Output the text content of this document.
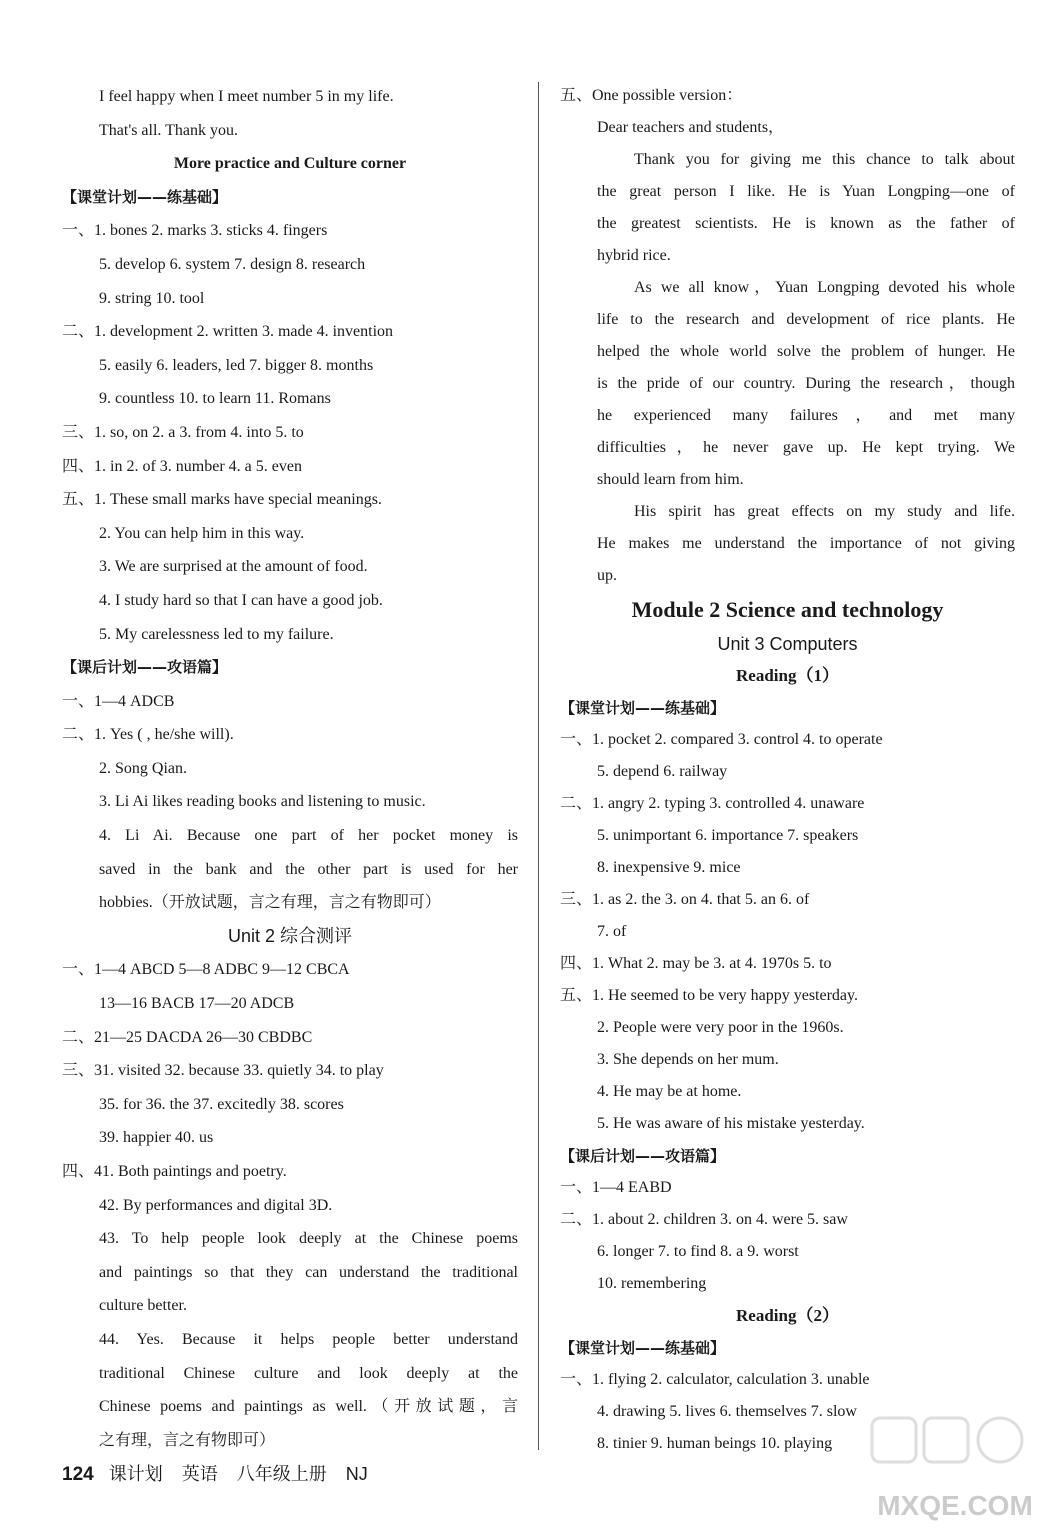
I feel happy when I meet number 5 in my life.
That's all. Thank you.
More practice and Culture corner
【课堂计划——练基础】
一、1. bones 2. marks 3. sticks 4. fingers
5. develop 6. system 7. design 8. research
9. string 10. tool
二、1. development 2. written 3. made 4. invention
5. easily 6. leaders, led 7. bigger 8. months
9. countless 10. to learn 11. Romans
三、1. so, on 2. a 3. from 4. into 5. to
四、1. in 2. of 3. number 4. a 5. even
五、1. These small marks have special meanings.
2. You can help him in this way.
3. We are surprised at the amount of food.
4. I study hard so that I can have a good job.
5. My carelessness led to my failure.
【课后计划——攻语篇】
一、1—4 ADCB
二、1. Yes ( , he/she will).
2. Song Qian.
3. Li Ai likes reading books and listening to music.
4. Li Ai. Because one part of her pocket money is
saved in the bank and the other part is used for her
hobbies.（开放试题，言之有理，言之有物即可）
Unit 2 综合测评
一、1—4 ABCD 5—8 ADBC 9—12 CBCA
13—16 BACB 17—20 ADCB
二、21—25 DACDA 26—30 CBDBC
三、31. visited 32. because 33. quietly 34. to play
35. for 36. the 37. excitedly 38. scores
39. happier 40. us
四、41. Both paintings and poetry.
42. By performances and digital 3D.
43. To help people look deeply at the Chinese poems
and paintings so that they can understand the traditional
culture better.
44. Yes. Because it helps people better understand
traditional Chinese culture and look deeply at the
Chinese poems and paintings as well.（开放试题，言
之有理，言之有物即可）
五、One possible version：
Dear teachers and students，
Thank you for giving me this chance to talk about
the great person I like. He is Yuan Longping—one of
the greatest scientists. He is known as the father of
hybrid rice.
As we all know，Yuan Longping devoted his whole
life to the research and development of rice plants. He
helped the whole world solve the problem of hunger. He
is the pride of our country. During the research，though
he experienced many failures，and met many
difficulties，he never gave up. He kept trying. We
should learn from him.
His spirit has great effects on my study and life.
He makes me understand the importance of not giving
up.
Module 2 Science and technology
Unit 3 Computers
Reading（1）
【课堂计划——练基础】
一、1. pocket 2. compared 3. control 4. to operate
5. depend 6. railway
二、1. angry 2. typing 3. controlled 4. unaware
5. unimportant 6. importance 7. speakers
8. inexpensive 9. mice
三、1. as 2. the 3. on 4. that 5. an 6. of
7. of
四、1. What 2. may be 3. at 4. 1970s 5. to
五、1. He seemed to be very happy yesterday.
2. People were very poor in the 1960s.
3. She depends on her mum.
4. He may be at home.
5. He was aware of his mistake yesterday.
【课后计划——攻语篇】
一、1—4 EABD
二、1. about 2. children 3. on 4. were 5. saw
6. longer 7. to find 8. a 9. worst
10. remembering
Reading（2）
【课堂计划——练基础】
一、1. flying 2. calculator, calculation 3. unable
4. drawing 5. lives 6. themselves 7. slow
8. tinier 9. human beings 10. playing
124 课计划 英语 八年级上册 NJ
MXQE.COM
